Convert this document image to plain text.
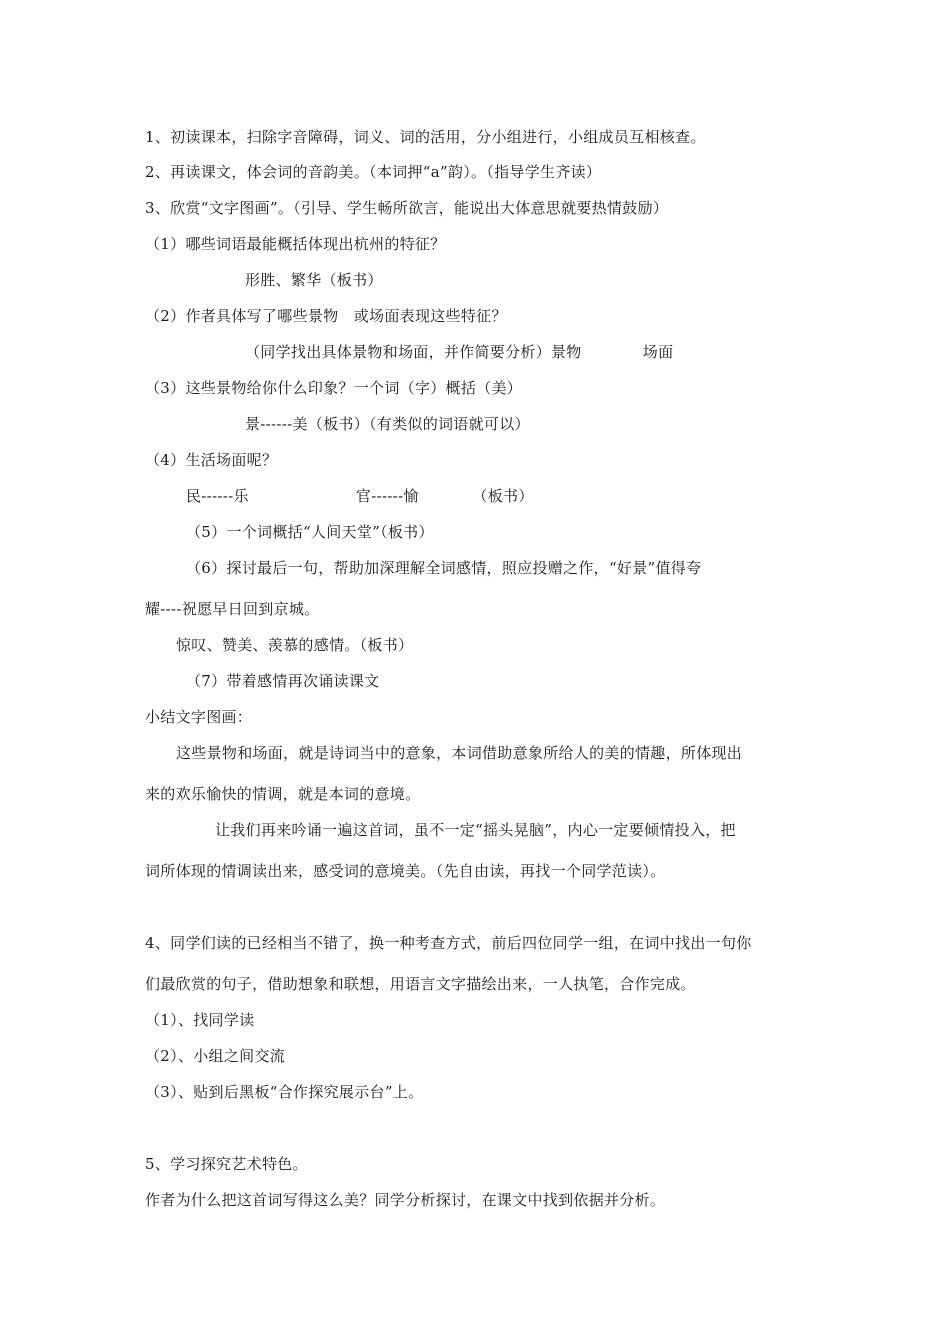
1、初读课本，扫除字音障碍，词义、词的活用，分小组进行，小组成员互相核查。
2、再读课文，体会词的音韵美。（本词押“a”韵）。（指导学生齐读）
3、欣赏“文字图画”。（引导、学生畅所欲言，能说出大体意思就要热情鼓励）
（1）哪些词语最能概括体现出杭州的特征？
形胜、繁华（板书）
（2）作者具体写了哪些景物　或场面表现这些特征？
（同学找出具体景物和场面，并作简要分析）景物　　　　场面
（3）这些景物给你什么印象？一个词（字）概括（美）
景------美（板书）（有类似的词语就可以）
（4）生活场面呢？
民------乐　　　　　　　官------愉　　　　（板书）
（5）一个词概括“人间天堂”（板书）
（6）探讨最后一句，帮助加深理解全词感情，照应投赠之作，“好景”值得夸
耀----祝愿早日回到京城。
惊叹、赞美、羡慕的感情。（板书）
（7）带着感情再次诵读课文
小结文字图画：
这些景物和场面，就是诗词当中的意象，本词借助意象所给人的美的情趣，所体现出
来的欢乐愉快的情调，就是本词的意境。
让我们再来吟诵一遍这首词，虽不一定“摇头晃脑”，内心一定要倾情投入，把
词所体现的情调读出来，感受词的意境美。（先自由读，再找一个同学范读）。
4、同学们读的已经相当不错了，换一种考查方式，前后四位同学一组，在词中找出一句你
们最欣赏的句子，借助想象和联想，用语言文字描绘出来，一人执笔，合作完成。
（1）、找同学读
（2）、小组之间交流
（3）、贴到后黑板“合作探究展示台”上。
5、学习探究艺术特色。
作者为什么把这首词写得这么美？同学分析探讨，在课文中找到依据并分析。
